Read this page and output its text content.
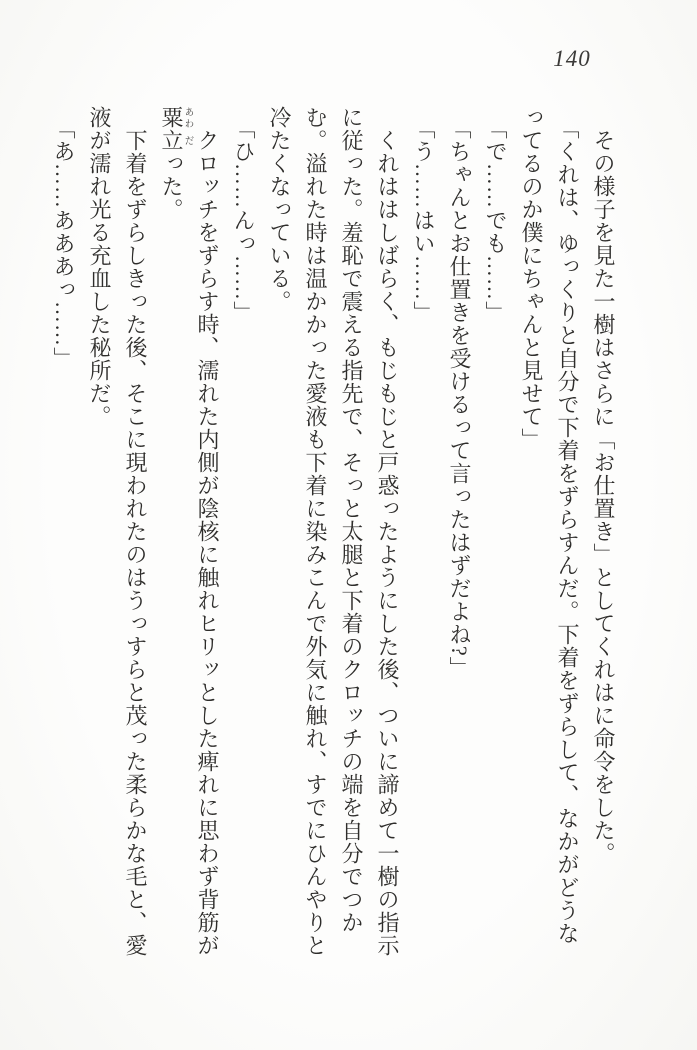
140

その様子を見た一樹はさらに「お仕置き」としてくれはに命令をした。

「くれは、ゆっくりと自分で下着をずらすんだ。下着をずらして、なかがどうなってるのか僕にちゃんと見せて」

「で……でも……」

「ちゃんとお仕置きを受けるって言ったはずだよね?」

「う……はい……」

くれははしばらく、もじもじと戸惑ったようにした後、ついに諦めて一樹の指示に従った。羞恥で震える指先で、そっと太腿と下着のクロッチの端を自分でつかむ。溢れた時は温かかった愛液も下着に染みこんで外気に触れ、すでにひんやりと冷たくなっている。

「ひ……んっ……」

クロッチをずらす時、濡れた内側が陰核に触れヒリッとした痺れに思わず背筋が粟あわ立だった。

下着をずらしきった後、そこに現われたのはうっすらと茂った柔らかな毛と、愛液が濡れ光る充血した秘所だ。

「あ……あああっ……」
